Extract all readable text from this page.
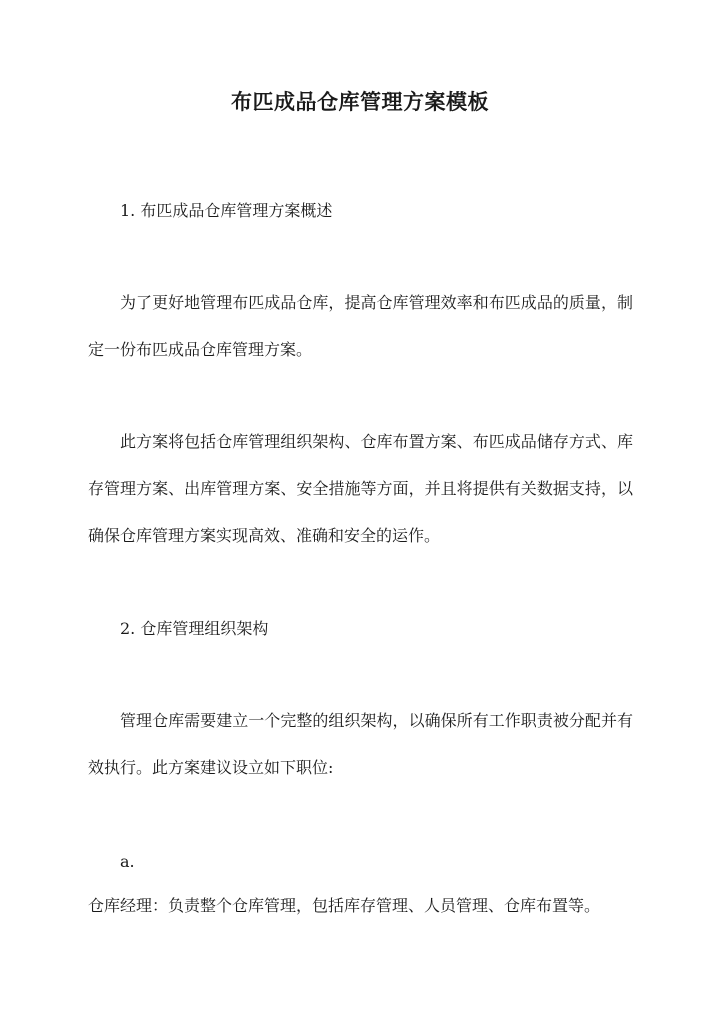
布匹成品仓库管理方案模板
1. 布匹成品仓库管理方案概述
为了更好地管理布匹成品仓库，提高仓库管理效率和布匹成品的质量，制定一份布匹成品仓库管理方案。
此方案将包括仓库管理组织架构、仓库布置方案、布匹成品储存方式、库存管理方案、出库管理方案、安全措施等方面，并且将提供有关数据支持，以确保仓库管理方案实现高效、准确和安全的运作。
2. 仓库管理组织架构
管理仓库需要建立一个完整的组织架构，以确保所有工作职责被分配并有效执行。此方案建议设立如下职位:
a.
仓库经理：负责整个仓库管理，包括库存管理、人员管理、仓库布置等。
